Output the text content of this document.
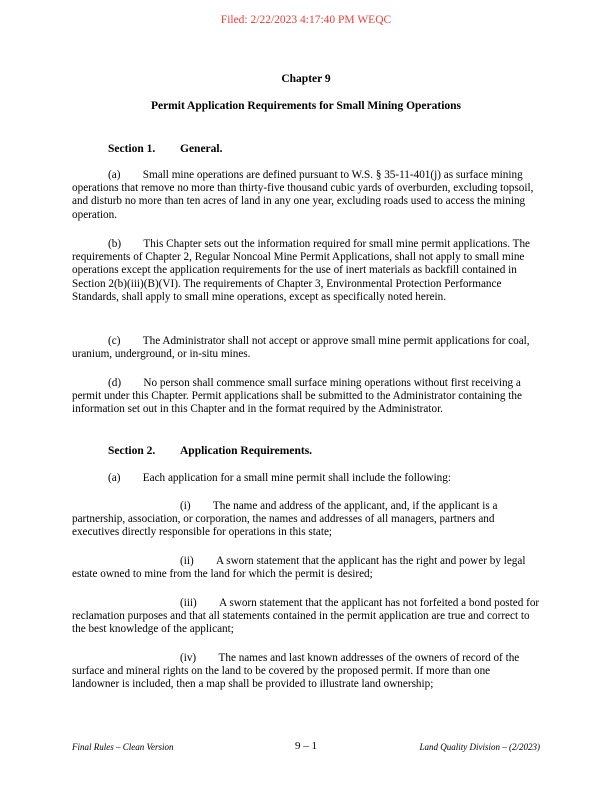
Filed: 2/22/2023 4:17:40 PM WEQC
Chapter 9
Permit Application Requirements for Small Mining Operations
Section 1. General.
(a)  Small mine operations are defined pursuant to W.S. § 35-11-401(j) as surface mining operations that remove no more than thirty-five thousand cubic yards of overburden, excluding topsoil, and disturb no more than ten acres of land in any one year, excluding roads used to access the mining operation.
(b)  This Chapter sets out the information required for small mine permit applications. The requirements of Chapter 2, Regular Noncoal Mine Permit Applications, shall not apply to small mine operations except the application requirements for the use of inert materials as backfill contained in Section 2(b)(iii)(B)(VI). The requirements of Chapter 3, Environmental Protection Performance Standards, shall apply to small mine operations, except as specifically noted herein.
(c)  The Administrator shall not accept or approve small mine permit applications for coal, uranium, underground, or in-situ mines.
(d)  No person shall commence small surface mining operations without first receiving a permit under this Chapter. Permit applications shall be submitted to the Administrator containing the information set out in this Chapter and in the format required by the Administrator.
Section 2. Application Requirements.
(a)  Each application for a small mine permit shall include the following:
(i)  The name and address of the applicant, and, if the applicant is a partnership, association, or corporation, the names and addresses of all managers, partners and executives directly responsible for operations in this state;
(ii)  A sworn statement that the applicant has the right and power by legal estate owned to mine from the land for which the permit is desired;
(iii)  A sworn statement that the applicant has not forfeited a bond posted for reclamation purposes and that all statements contained in the permit application are true and correct to the best knowledge of the applicant;
(iv)  The names and last known addresses of the owners of record of the surface and mineral rights on the land to be covered by the proposed permit. If more than one landowner is included, then a map shall be provided to illustrate land ownership;
Final Rules – Clean Version	9 – 1	Land Quality Division – (2/2023)
